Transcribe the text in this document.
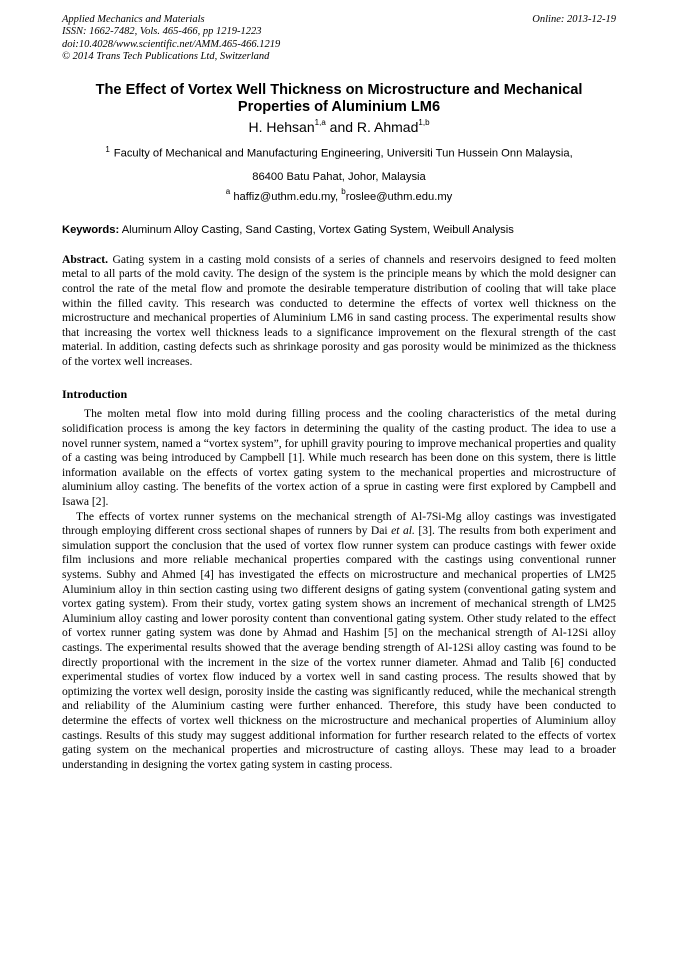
Applied Mechanics and Materials
ISSN: 1662-7482, Vols. 465-466, pp 1219-1223
doi:10.4028/www.scientific.net/AMM.465-466.1219
© 2014 Trans Tech Publications Ltd, Switzerland
Online: 2013-12-19
The Effect of Vortex Well Thickness on Microstructure and Mechanical Properties of Aluminium LM6
H. Hehsan$^{1,a}$ and R. Ahmad$^{1,b}$
$^1$ Faculty of Mechanical and Manufacturing Engineering, Universiti Tun Hussein Onn Malaysia,
86400 Batu Pahat, Johor, Malaysia
$^a$ haffiz@uthm.edu.my, $^b$roslee@uthm.edu.my
Keywords: Aluminum Alloy Casting, Sand Casting, Vortex Gating System, Weibull Analysis
Abstract. Gating system in a casting mold consists of a series of channels and reservoirs designed to feed molten metal to all parts of the mold cavity. The design of the system is the principle means by which the mold designer can control the rate of the metal flow and promote the desirable temperature distribution of cooling that will take place within the filled cavity. This research was conducted to determine the effects of vortex well thickness on the microstructure and mechanical properties of Aluminium LM6 in sand casting process. The experimental results show that increasing the vortex well thickness leads to a significance improvement on the flexural strength of the cast material. In addition, casting defects such as shrinkage porosity and gas porosity would be minimized as the thickness of the vortex well increases.
Introduction

The molten metal flow into mold during filling process and the cooling characteristics of the metal during solidification process is among the key factors in determining the quality of the casting product. The idea to use a novel runner system, named a “vortex system”, for uphill gravity pouring to improve mechanical properties and quality of a casting was being introduced by Campbell [1]. While much research has been done on this system, there is little information available on the effects of vortex gating system to the mechanical properties and microstructure of aluminium alloy casting. The benefits of the vortex action of a sprue in casting were first explored by Campbell and Isawa [2].

The effects of vortex runner systems on the mechanical strength of Al-7Si-Mg alloy castings was investigated through employing different cross sectional shapes of runners by Dai et al. [3]. The results from both experiment and simulation support the conclusion that the used of vortex flow runner system can produce castings with fewer oxide film inclusions and more reliable mechanical properties compared with the castings using conventional runner systems. Subhy and Ahmed [4] has investigated the effects on microstructure and mechanical properties of LM25 Aluminium alloy in thin section casting using two different designs of gating system (conventional gating system and vortex gating system). From their study, vortex gating system shows an increment of mechanical strength of LM25 Aluminium alloy casting and lower porosity content than conventional gating system. Other study related to the effect of vortex runner gating system was done by Ahmad and Hashim [5] on the mechanical strength of Al-12Si alloy castings. The experimental results showed that the average bending strength of Al-12Si alloy casting was found to be directly proportional with the increment in the size of the vortex runner diameter. Ahmad and Talib [6] conducted experimental studies of vortex flow induced by a vortex well in sand casting process. The results showed that by optimizing the vortex well design, porosity inside the casting was significantly reduced, while the mechanical strength and reliability of the Aluminium casting were further enhanced. Therefore, this study have been conducted to determine the effects of vortex well thickness on the microstructure and mechanical properties of Aluminium alloy castings. Results of this study may suggest additional information for further research related to the effects of vortex gating system on the mechanical properties and microstructure of casting alloys. These may lead to a broader understanding in designing the vortex gating system in casting process.
